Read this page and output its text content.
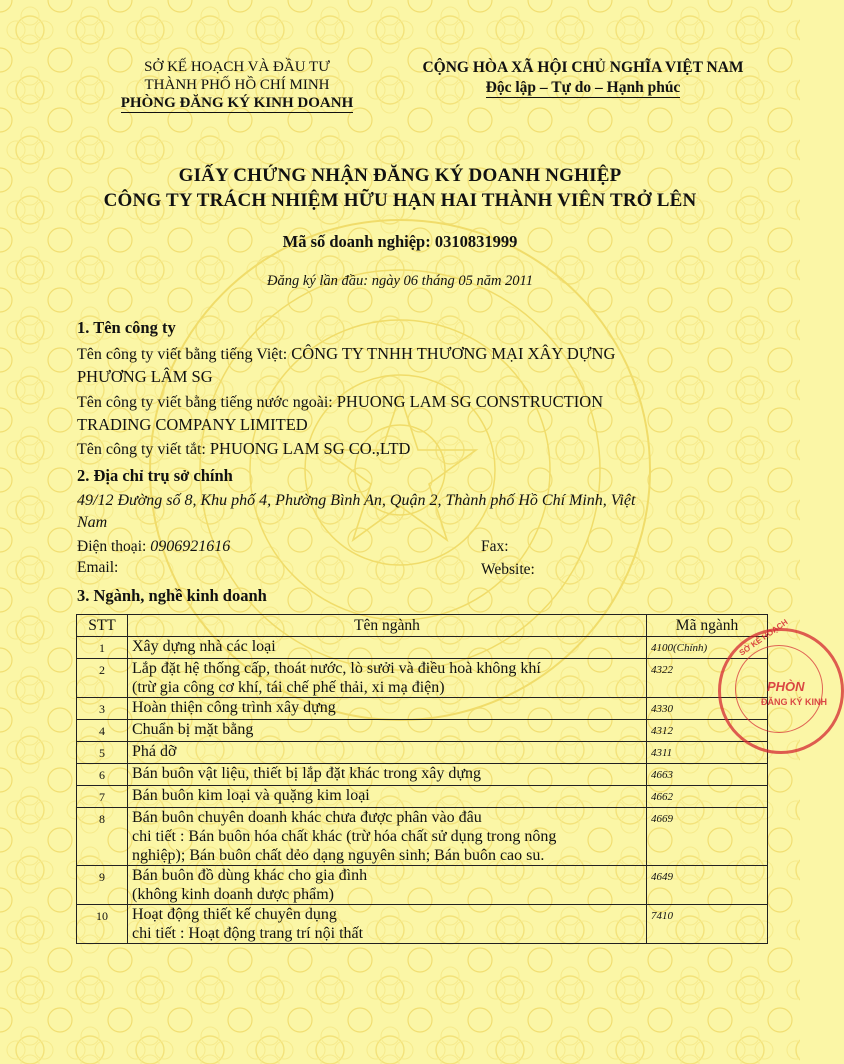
SỞ KẾ HOẠCH VÀ ĐẦU TƯ
THÀNH PHỐ HỒ CHÍ MINH
PHÒNG ĐĂNG KÝ KINH DOANH
CỘNG HÒA XÃ HỘI CHỦ NGHĨA VIỆT NAM
Độc lập – Tự do – Hạnh phúc
GIẤY CHỨNG NHẬN ĐĂNG KÝ DOANH NGHIỆP
CÔNG TY TRÁCH NHIỆM HỮU HẠN HAI THÀNH VIÊN TRỞ LÊN
Mã số doanh nghiệp: 0310831999
Đăng ký lần đầu: ngày 06 tháng 05 năm 2011
1. Tên công ty
Tên công ty viết bằng tiếng Việt: CÔNG TY TNHH THƯƠNG MẠI XÂY DỰNG
PHƯƠNG LÂM SG
Tên công ty viết bằng tiếng nước ngoài: PHUONG LAM SG CONSTRUCTION
TRADING COMPANY LIMITED
Tên công ty viết tắt: PHUONG LAM SG CO.,LTD
2. Địa chỉ trụ sở chính
49/12 Đường số 8, Khu phố 4, Phường Bình An, Quận 2, Thành phố Hồ Chí Minh, Việt
Nam
Điện thoại: 0906921616	Fax:
Email:	Website:
3. Ngành, nghề kinh doanh
STT	Tên ngành	Mã ngành
1	Xây dựng nhà các loại	4100(Chính)
2	Lắp đặt hệ thống cấp, thoát nước, lò sưởi và điều hoà không khí
(trừ gia công cơ khí, tái chế phế thải, xi mạ điện)	4322
3	Hoàn thiện công trình xây dựng	4330
4	Chuẩn bị mặt bằng	4312
5	Phá dỡ	4311
6	Bán buôn vật liệu, thiết bị lắp đặt khác trong xây dựng	4663
7	Bán buôn kim loại và quặng kim loại	4662
8	Bán buôn chuyên doanh khác chưa được phân vào đâu
chi tiết : Bán buôn hóa chất khác (trừ hóa chất sử dụng trong nông
nghiệp); Bán buôn chất dẻo dạng nguyên sinh; Bán buôn cao su.	4669
9	Bán buôn đồ dùng khác cho gia đình
(không kinh doanh dược phẩm)	4649
10	Hoạt động thiết kế chuyên dụng
chi tiết : Hoạt động trang trí nội thất	7410
SỞ KẾ HOẠCH
PHÒN
ĐĂNG KÝ KINH
